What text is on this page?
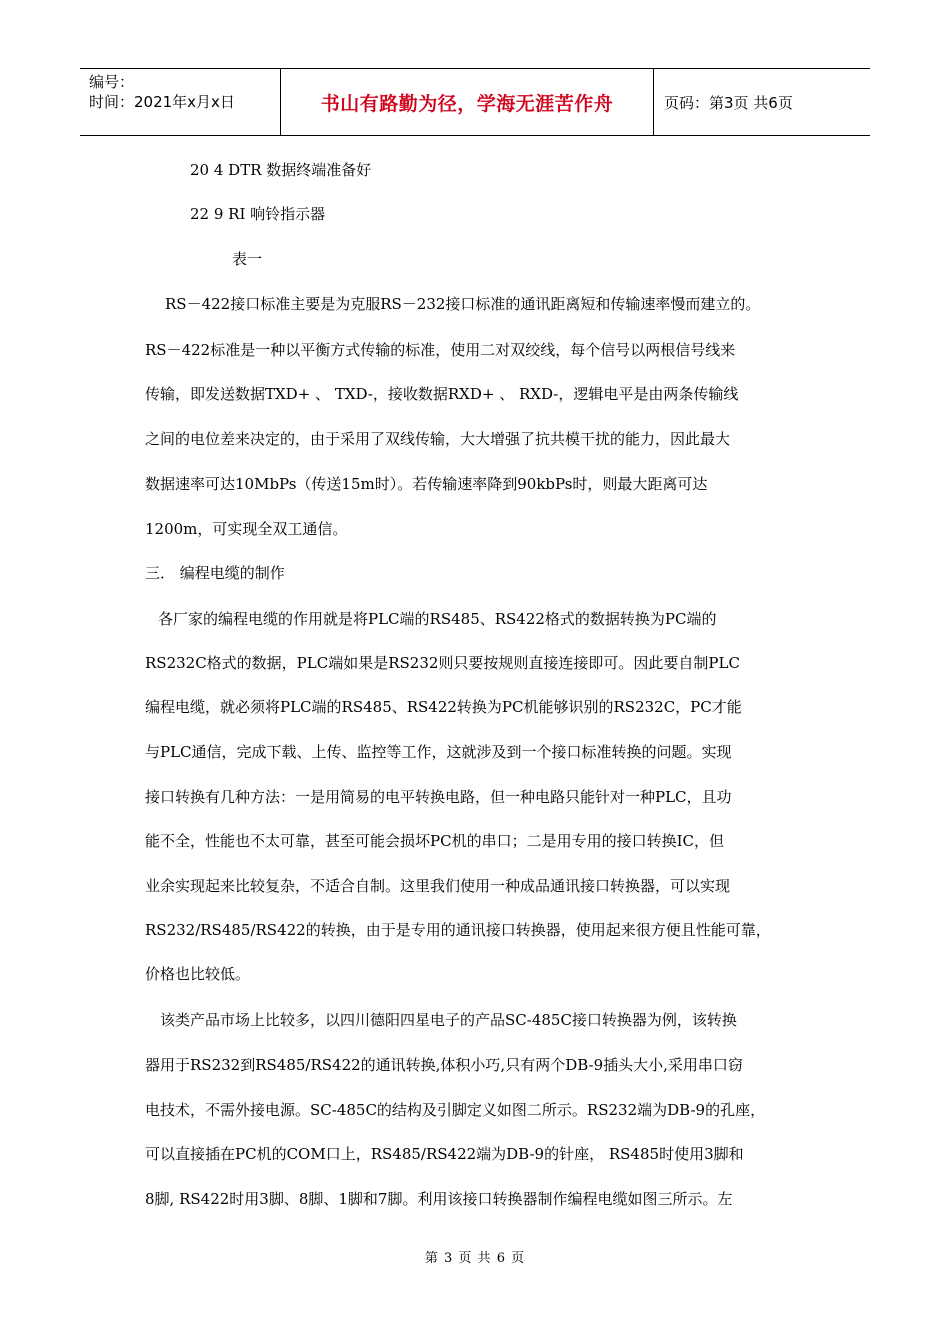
编号：
时间：2021年x月x日	书山有路勤为径，学海无涯苦作舟	页码：第3页 共6页
20 4 DTR 数据终端准备好
22 9 RI 响铃指示器
表一
RS－422接口标准主要是为克服RS－232接口标准的通讯距离短和传输速率慢而建立的。
RS－422标准是一种以平衡方式传输的标准，使用二对双绞线，每个信号以两根信号线来
传输，即发送数据TXD+ 、 TXD-，接收数据RXD+ 、 RXD-，逻辑电平是由两条传输线
之间的电位差来决定的，由于采用了双线传输，大大增强了抗共模干扰的能力，因此最大
数据速率可达10MbPs（传送15m时）。若传输速率降到90kbPs时，则最大距离可达
1200m，可实现全双工通信。
三． 编程电缆的制作
各厂家的编程电缆的作用就是将PLC端的RS485、RS422格式的数据转换为PC端的
RS232C格式的数据，PLC端如果是RS232则只要按规则直接连接即可。因此要自制PLC
编程电缆，就必须将PLC端的RS485、RS422转换为PC机能够识别的RS232C，PC才能
与PLC通信，完成下载、上传、监控等工作，这就涉及到一个接口标准转换的问题。实现
接口转换有几种方法：一是用简易的电平转换电路，但一种电路只能针对一种PLC，且功
能不全，性能也不太可靠，甚至可能会损坏PC机的串口；二是用专用的接口转换IC，但
业余实现起来比较复杂，不适合自制。这里我们使用一种成品通讯接口转换器，可以实现
RS232/RS485/RS422的转换，由于是专用的通讯接口转换器，使用起来很方便且性能可靠，
价格也比较低。
该类产品市场上比较多，以四川德阳四星电子的产品SC-485C接口转换器为例，该转换
器用于RS232到RS485/RS422的通讯转换,体积小巧,只有两个DB-9插头大小,采用串口窃
电技术，不需外接电源。SC-485C的结构及引脚定义如图二所示。RS232端为DB-9的孔座，
可以直接插在PC机的COM口上，RS485/RS422端为DB-9的针座， RS485时使用3脚和
8脚, RS422时用3脚、8脚、1脚和7脚。利用该接口转换器制作编程电缆如图三所示。左
第 3 页 共 6 页
